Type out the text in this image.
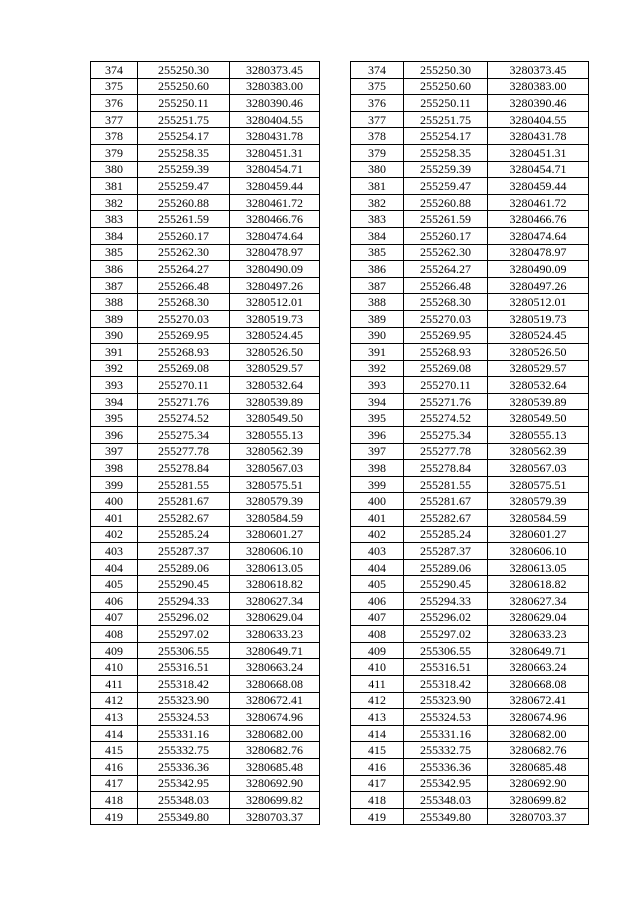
374	255250.30	3280373.45
375	255250.60	3280383.00
376	255250.11	3280390.46
377	255251.75	3280404.55
378	255254.17	3280431.78
379	255258.35	3280451.31
380	255259.39	3280454.71
381	255259.47	3280459.44
382	255260.88	3280461.72
383	255261.59	3280466.76
384	255260.17	3280474.64
385	255262.30	3280478.97
386	255264.27	3280490.09
387	255266.48	3280497.26
388	255268.30	3280512.01
389	255270.03	3280519.73
390	255269.95	3280524.45
391	255268.93	3280526.50
392	255269.08	3280529.57
393	255270.11	3280532.64
394	255271.76	3280539.89
395	255274.52	3280549.50
396	255275.34	3280555.13
397	255277.78	3280562.39
398	255278.84	3280567.03
399	255281.55	3280575.51
400	255281.67	3280579.39
401	255282.67	3280584.59
402	255285.24	3280601.27
403	255287.37	3280606.10
404	255289.06	3280613.05
405	255290.45	3280618.82
406	255294.33	3280627.34
407	255296.02	3280629.04
408	255297.02	3280633.23
409	255306.55	3280649.71
410	255316.51	3280663.24
411	255318.42	3280668.08
412	255323.90	3280672.41
413	255324.53	3280674.96
414	255331.16	3280682.00
415	255332.75	3280682.76
416	255336.36	3280685.48
417	255342.95	3280692.90
418	255348.03	3280699.82
419	255349.80	3280703.37
374	255250.30	3280373.45
375	255250.60	3280383.00
376	255250.11	3280390.46
377	255251.75	3280404.55
378	255254.17	3280431.78
379	255258.35	3280451.31
380	255259.39	3280454.71
381	255259.47	3280459.44
382	255260.88	3280461.72
383	255261.59	3280466.76
384	255260.17	3280474.64
385	255262.30	3280478.97
386	255264.27	3280490.09
387	255266.48	3280497.26
388	255268.30	3280512.01
389	255270.03	3280519.73
390	255269.95	3280524.45
391	255268.93	3280526.50
392	255269.08	3280529.57
393	255270.11	3280532.64
394	255271.76	3280539.89
395	255274.52	3280549.50
396	255275.34	3280555.13
397	255277.78	3280562.39
398	255278.84	3280567.03
399	255281.55	3280575.51
400	255281.67	3280579.39
401	255282.67	3280584.59
402	255285.24	3280601.27
403	255287.37	3280606.10
404	255289.06	3280613.05
405	255290.45	3280618.82
406	255294.33	3280627.34
407	255296.02	3280629.04
408	255297.02	3280633.23
409	255306.55	3280649.71
410	255316.51	3280663.24
411	255318.42	3280668.08
412	255323.90	3280672.41
413	255324.53	3280674.96
414	255331.16	3280682.00
415	255332.75	3280682.76
416	255336.36	3280685.48
417	255342.95	3280692.90
418	255348.03	3280699.82
419	255349.80	3280703.37
